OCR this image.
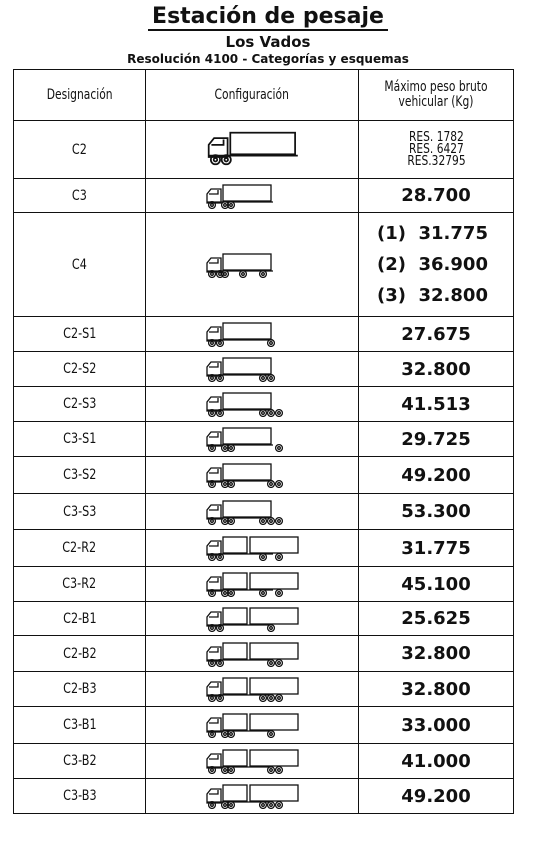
Estación de pesaje
Los Vados
Resolución 4100 - Categorías y esquemas
Designación	Configuración	Máximo peso bruto vehicular (Kg)
C2		RES. 1782
RES. 6427
RES.32795

C3		28.700
C4		(1)  31.775
(2)  36.900
(3)  32.800

C2-S1		27.675
C2-S2		32.800
C2-S3		41.513
C3-S1		29.725
C3-S2		49.200
C3-S3		53.300
C2-R2		31.775
C3-R2		45.100
C2-B1		25.625
C2-B2		32.800
C2-B3		32.800
C3-B1		33.000
C3-B2		41.000
C3-B3		49.200
